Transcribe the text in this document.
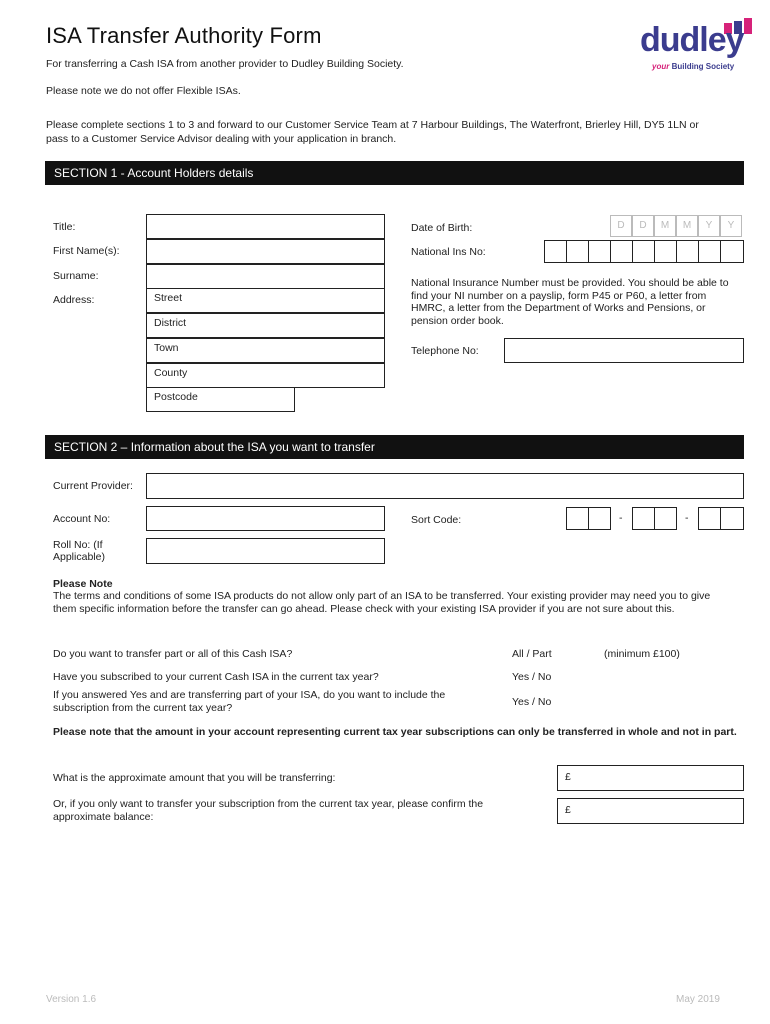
ISA Transfer Authority Form	dudley
your Building Society
For transferring a Cash ISA from another provider to Dudley Building Society.
Please note we do not offer Flexible ISAs.
Please complete sections 1 to 3 and forward to our Customer Service Team at 7 Harbour Buildings, The Waterfront, Brierley Hill, DY5 1LN or pass to a Customer Service Advisor dealing with your application in branch.
SECTION 1 - Account Holders details
Title:
First Name(s):
Surname:
Address:	Street
District
Town
County
Postcode
Date of Birth:	D	D	M	M	Y	Y
National Ins No:
National Insurance Number must be provided. You should be able to find your NI number on a payslip, form P45 or P60, a letter from HMRC, a letter from the Department of Works and Pensions, or pension order book.
Telephone No:
SECTION 2 – Information about the ISA you want to transfer
Current Provider:
Account No:	Sort Code:	-	-
Roll No: (If Applicable)
Please Note
The terms and conditions of some ISA products do not allow only part of an ISA to be transferred. Your existing provider may need you to give them specific information before the transfer can go ahead. Please check with your existing ISA provider if you are not sure about this.
Do you want to transfer part or all of this Cash ISA?	All / Part	(minimum £100)
Have you subscribed to your current Cash ISA in the current tax year?	Yes / No
If you answered Yes and are transferring part of your ISA, do you want to include the subscription from the current tax year?	Yes / No
Please note that the amount in your account representing current tax year subscriptions can only be transferred in whole and not in part.
What is the approximate amount that you will be transferring:	£
Or, if you only want to transfer your subscription from the current tax year, please confirm the approximate balance:
£
Version 1.6	May 2019
